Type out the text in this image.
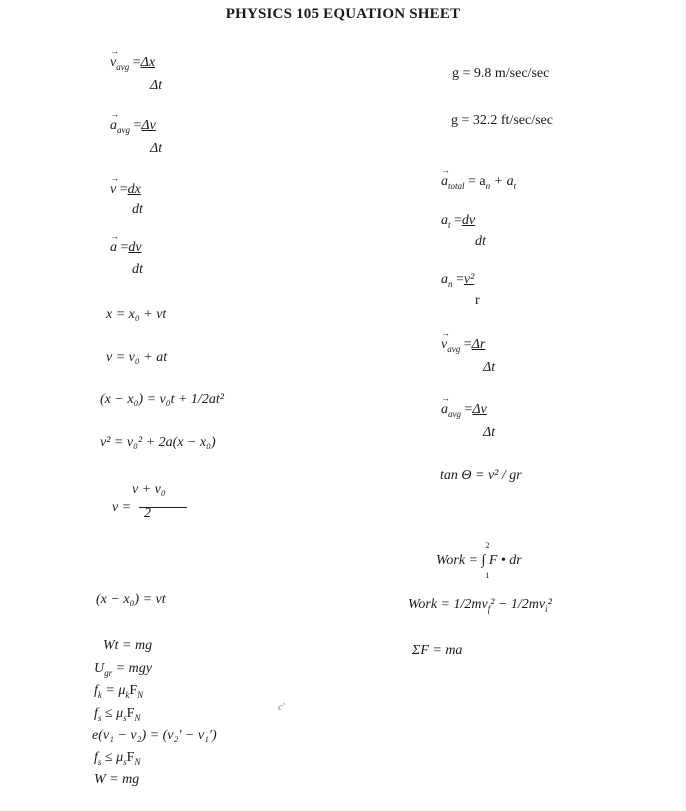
PHYSICS 105 EQUATION SHEET
→ $v_{avg} =\Delta x$
Δt
→ $a_{avg} =\Delta v$
Δt
→ v =dx
dt
→ a =dv
dt
x = x₀ + vt
v = v₀ + at
(x − x₀) = v₀t + 1/2at²
v² = v₀² + 2a(x − x₀)
v + v₀
v = 2
(x − x₀) = vt
Wt = mg
$U_{gr}$ = mgy
$f_k = \mu_kF_N$
$f_s \le \mu_sF_N$
e(v₁ − v₂) = (v₂′ − v₁′)
$f_s \le \mu_sF_N$
W = mg
g = 9.8 m/sec/sec
g = 32.2 ft/sec/sec
→ $a_{total} = a_n + a_t$
$a_t =dv$
dt
$a_n =v^2$
r
→ $v_{avg} =\Delta r$
Δt
→ $a_{avg} =\Delta v$
Δt
tan Θ = v² / gr
Work =
2
1
∫ F • dr
Work = $1/2mv_f^2 - 1/2mv_i^2$
ΣF = ma
c'
